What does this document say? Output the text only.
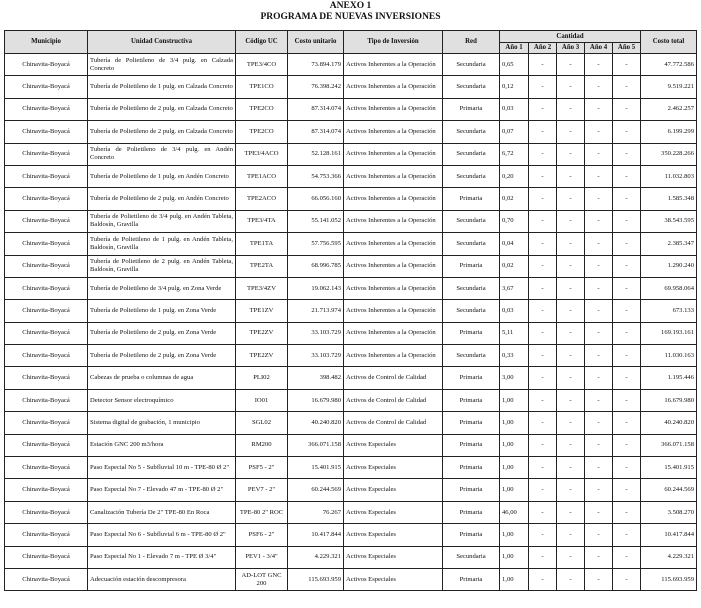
ANEXO 1
PROGRAMA DE NUEVAS INVERSIONES
Municipio	Unidad Constructiva	Código UC	Costo unitario	Tipo de Inversión	Red	Cantidad					Costo total
						Año 1	Año 2	Año 3	Año 4	Año 5	
Chinavita-Boyacá	Tubería de Polietileno de 3/4 pulg. en Calzada Concreto	TPE3/4CO	73.894.179	Activos Inherentes a la Operación	Secundaria	0,65	-	-	-	-	47.772.586
Chinavita-Boyacá	Tubería de Polietileno de 1 pulg. en Calzada Concreto	TPE1CO	76.398.242	Activos Inherentes a la Operación	Secundaria	0,12	-	-	-	-	9.519.221
Chinavita-Boyacá	Tubería de Polietileno de 2 pulg. en Calzada Concreto	TPE2CO	87.314.074	Activos Inherentes a la Operación	Primaria	0,03	-	-	-	-	2.462.257
Chinavita-Boyacá	Tubería de Polietileno de 2 pulg. en Calzada Concreto	TPE2CO	87.314.074	Activos Inherentes a la Operación	Secundaria	0,07	-	-	-	-	6.199.299
Chinavita-Boyacá	Tubería de Polietileno de 3/4 pulg. en Andén Concreto	TPE3/4ACO	52.128.161	Activos Inherentes a la Operación	Secundaria	6,72	-	-	-	-	350.228.266
Chinavita-Boyacá	Tubería de Polietileno de 1 pulg. en Andén Concreto	TPE1ACO	54.753.366	Activos Inherentes a la Operación	Secundaria	0,20	-	-	-	-	11.032.803
Chinavita-Boyacá	Tubería de Polietileno de 2 pulg. en Andén Concreto	TPE2ACO	66.056.160	Activos Inherentes a la Operación	Primaria	0,02	-	-	-	-	1.585.348
Chinavita-Boyacá	Tubería de Polietileno de 3/4 pulg. en Andén Tableta, Baldosín, Gravilla	TPE3/4TA	55.141.052	Activos Inherentes a la Operación	Secundaria	0,70	-	-	-	-	38.543.595
Chinavita-Boyacá	Tubería de Polietileno de 1 pulg. en Andén Tableta, Baldosín, Gravilla	TPE1TA	57.756.595	Activos Inherentes a la Operación	Secundaria	0,04	-	-	-	-	2.385.347
Chinavita-Boyacá	Tubería de Polietileno de 2 pulg. en Andén Tableta, Baldosín, Gravilla	TPE2TA	68.996.785	Activos Inherentes a la Operación	Primaria	0,02	-	-	-	-	1.290.240
Chinavita-Boyacá	Tubería de Polietileno de 3/4 pulg. en Zona Verde	TPE3/4ZV	19.062.143	Activos Inherentes a la Operación	Secundaria	3,67	-	-	-	-	69.958.064
Chinavita-Boyacá	Tubería de Polietileno de 1 pulg. en Zona Verde	TPE1ZV	21.713.974	Activos Inherentes a la Operación	Secundaria	0,03	-	-	-	-	673.133
Chinavita-Boyacá	Tubería de Polietileno de 2 pulg. en Zona Verde	TPE2ZV	33.103.729	Activos Inherentes a la Operación	Primaria	5,11	-	-	-	-	169.193.161
Chinavita-Boyacá	Tubería de Polietileno de 2 pulg. en Zona Verde	TPE2ZV	33.103.729	Activos Inherentes a la Operación	Secundaria	0,33	-	-	-	-	11.030.163
Chinavita-Boyacá	Cabezas de prueba o columnas de agua	PLI02	398.482	Activos de Control de Calidad	Primaria	3,00	-	-	-	-	1.195.446
Chinavita-Boyacá	Detector Sensor electroquímico	IO01	16.679.980	Activos de Control de Calidad	Primaria	1,00	-	-	-	-	16.679.980
Chinavita-Boyacá	Sistema digital de grabación, 1 municipio	SGL02	40.240.820	Activos de Control de Calidad	Primaria	1,00	-	-	-	-	40.240.820
Chinavita-Boyacá	Estación GNC 200 m3/hora	RM200	366.071.158	Activos Especiales	Primaria	1,00	-	-	-	-	366.071.158
Chinavita-Boyacá	Paso Especial No 5 - Subfluvial 10 m - TPE-80 Ø 2"	PSF5 - 2"	15.401.915	Activos Especiales	Primaria	1,00	-	-	-	-	15.401.915
Chinavita-Boyacá	Paso Especial No 7 - Elevado 47 m - TPE-80 Ø 2"	PEV7 - 2"	60.244.569	Activos Especiales	Primaria	1,00	-	-	-	-	60.244.569
Chinavita-Boyacá	Canalización Tubería De 2" TPE-80 En Roca	TPE-80 2" ROC	76.267	Activos Especiales	Primaria	46,00	-	-	-	-	3.508.270
Chinavita-Boyacá	Paso Especial No 6 - Subfluvial 6 m - TPE-80 Ø 2"	PSF6 - 2"	10.417.844	Activos Especiales	Primaria	1,00	-	-	-	-	10.417.844
Chinavita-Boyacá	Paso Especial No 1 - Elevado 7 m - TPE Ø 3/4"	PEV1 - 3/4"	4.229.321	Activos Especiales	Secundaria	1,00	-	-	-	-	4.229.321
Chinavita-Boyacá	Adecuación estación descompresora	AD-LOT GNC 200	115.693.959	Activos Especiales	Primaria	1,00	-	-	-	-	115.693.959
